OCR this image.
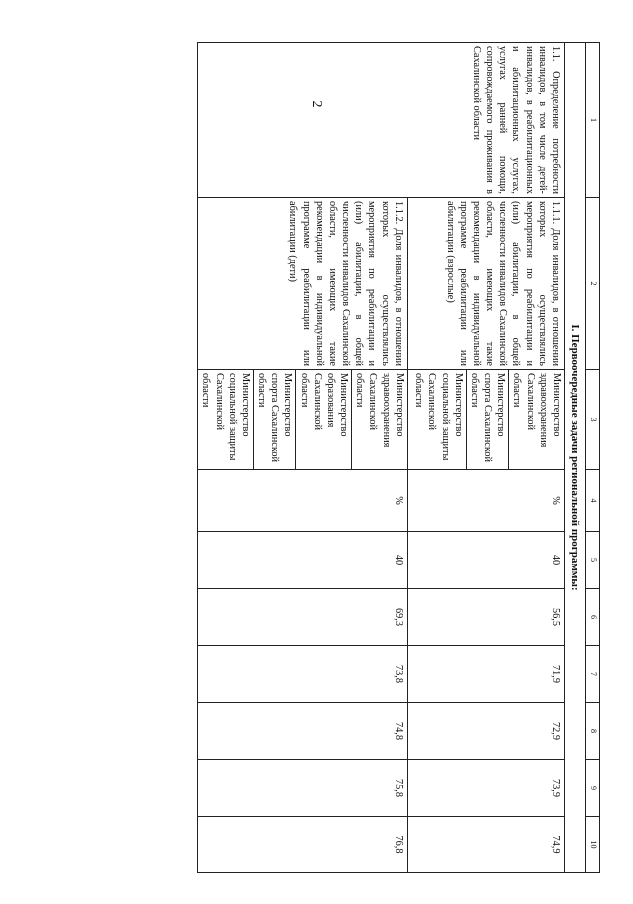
2
1	2	3	4	5	6	7	8	9	10
I. Первоочередные задачи региональной программы:									
1.1. Определение потребности инвалидов, в том числе детей-инвалидов, в реабилитационных и абилитационных услугах, услугах ранней помощи, сопровождаемого проживания в Сахалинской области	1.1.1. Доля инвалидов, в отношении которых осуществлялись мероприятия по реабилитации и (или) абилитации, в общей численности инвалидов Сахалинской области, имеющих такие рекомендации в индивидуальной программе реабилитации или абилитации (взрослые)	Министерство здравоохранения Сахалинской области	%	40	56,5	71,9	72,9	73,9	74,9
		Министерство спорта Сахалинской области							
		Министерство социальной защиты Сахалинской области							
	1.1.2. Доля инвалидов, в отношении которых осуществлялись мероприятия по реабилитации и (или) абилитации, в общей численности инвалидов Сахалинской области, имеющих такие рекомендации в индивидуальной программе реабилитации или абилитации (дети)	Министерство здравоохранения Сахалинской области	%	40	69,3	73,8	74,8	75,8	76,8
		Министерство образования Сахалинской области							
		Министерство спорта Сахалинской области							
		Министерство социальной защиты Сахалинской области							
